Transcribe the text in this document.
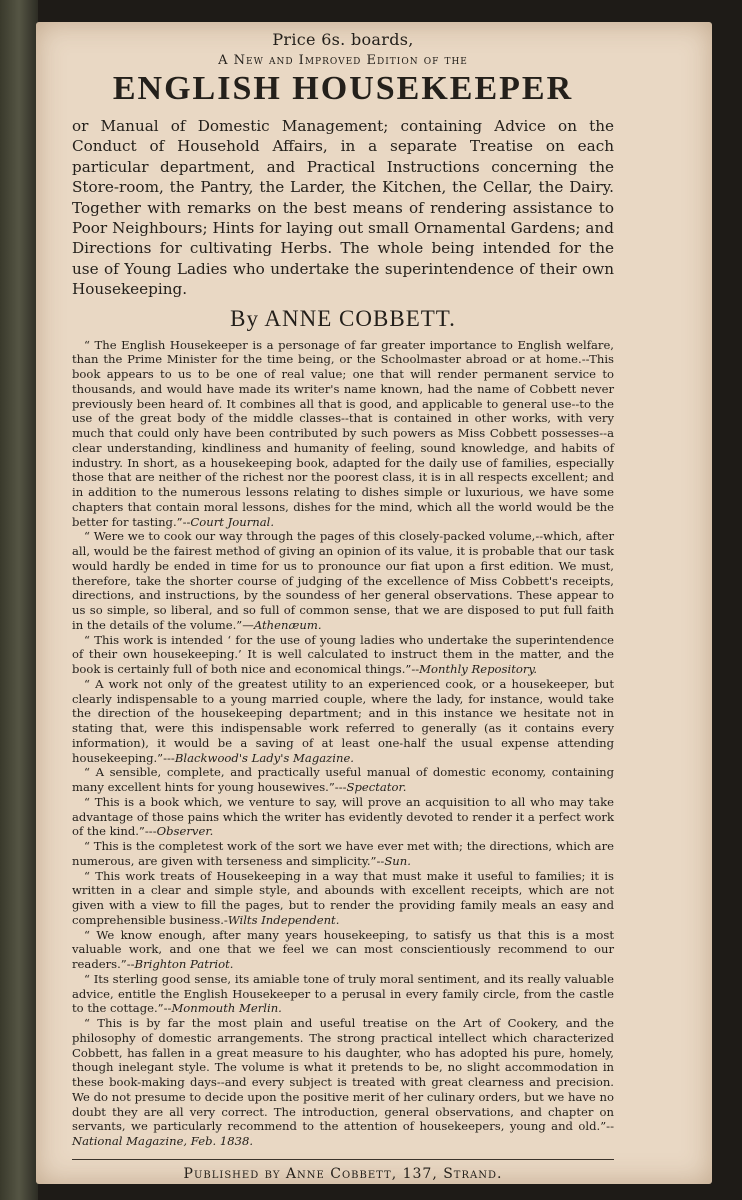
Price 6s. boards,
A New and Improved Edition of the
ENGLISH HOUSEKEEPER
or Manual of Domestic Management; containing Advice on the Conduct of Household Affairs, in a separate Treatise on each particular department, and Practical Instructions concerning the Store-room, the Pantry, the Larder, the Kitchen, the Cellar, the Dairy. Together with remarks on the best means of rendering assistance to Poor Neighbours; Hints for laying out small Ornamental Gardens; and Directions for cultivating Herbs. The whole being intended for the use of Young Ladies who undertake the superintendence of their own Housekeeping.
By ANNE COBBETT.

“ The English Housekeeper is a personage of far greater importance to English welfare, than the Prime Minister for the time being, or the Schoolmaster abroad or at home.--This book appears to us to be one of real value; one that will render permanent service to thousands, and would have made its writer's name known, had the name of Cobbett never previously been heard of. It combines all that is good, and applicable to general use--to the use of the great body of the middle classes--that is contained in other works, with very much that could only have been contributed by such powers as Miss Cobbett possesses--a clear understanding, kindliness and humanity of feeling, sound knowledge, and habits of industry. In short, as a housekeeping book, adapted for the daily use of families, especially those that are neither of the richest nor the poorest class, it is in all respects excellent; and in addition to the numerous lessons relating to dishes simple or luxurious, we have some chapters that contain moral lessons, dishes for the mind, which all the world would be the better for tasting.”--Court Journal.

“ Were we to cook our way through the pages of this closely-packed volume,--which, after all, would be the fairest method of giving an opinion of its value, it is probable that our task would hardly be ended in time for us to pronounce our fiat upon a first edition. We must, therefore, take the shorter course of judging of the excellence of Miss Cobbett's receipts, directions, and instructions, by the soundess of her general observations. These appear to us so simple, so liberal, and so full of common sense, that we are disposed to put full faith in the details of the volume.”—Athenæum.

“ This work is intended ‘ for the use of young ladies who undertake the superintendence of their own housekeeping.’ It is well calculated to instruct them in the matter, and the book is certainly full of both nice and economical things.”--Monthly Repository.

“ A work not only of the greatest utility to an experienced cook, or a housekeeper, but clearly indispensable to a young married couple, where the lady, for instance, would take the direction of the housekeeping department; and in this instance we hesitate not in stating that, were this indispensable work referred to generally (as it contains every information), it would be a saving of at least one-half the usual expense attending housekeeping.”---Blackwood's Lady's Magazine.

“ A sensible, complete, and practically useful manual of domestic economy, containing many excellent hints for young housewives.”---Spectator.

“ This is a book which, we venture to say, will prove an acquisition to all who may take advantage of those pains which the writer has evidently devoted to render it a perfect work of the kind.”---Observer.

“ This is the completest work of the sort we have ever met with; the directions, which are numerous, are given with terseness and simplicity.”--Sun.

“ This work treats of Housekeeping in a way that must make it useful to families; it is written in a clear and simple style, and abounds with excellent receipts, which are not given with a view to fill the pages, but to render the providing family meals an easy and comprehensible business.-Wilts Independent.

“ We know enough, after many years housekeeping, to satisfy us that this is a most valuable work, and one that we feel we can most conscientiously recommend to our readers.”--Brighton Patriot.

“ Its sterling good sense, its amiable tone of truly moral sentiment, and its really valuable advice, entitle the English Housekeeper to a perusal in every family circle, from the castle to the cottage.”--Monmouth Merlin.

“ This is by far the most plain and useful treatise on the Art of Cookery, and the philosophy of domestic arrangements. The strong practical intellect which characterized Cobbett, has fallen in a great measure to his daughter, who has adopted his pure, homely, though inelegant style. The volume is what it pretends to be, no slight accommodation in these book-making days--and every subject is treated with great clearness and precision. We do not presume to decide upon the positive merit of her culinary orders, but we have no doubt they are all very correct. The introduction, general observations, and chapter on servants, we particularly recommend to the attention of housekeepers, young and old.”--National Magazine, Feb. 1838.

Published by Anne Cobbett, 137, Strand.
